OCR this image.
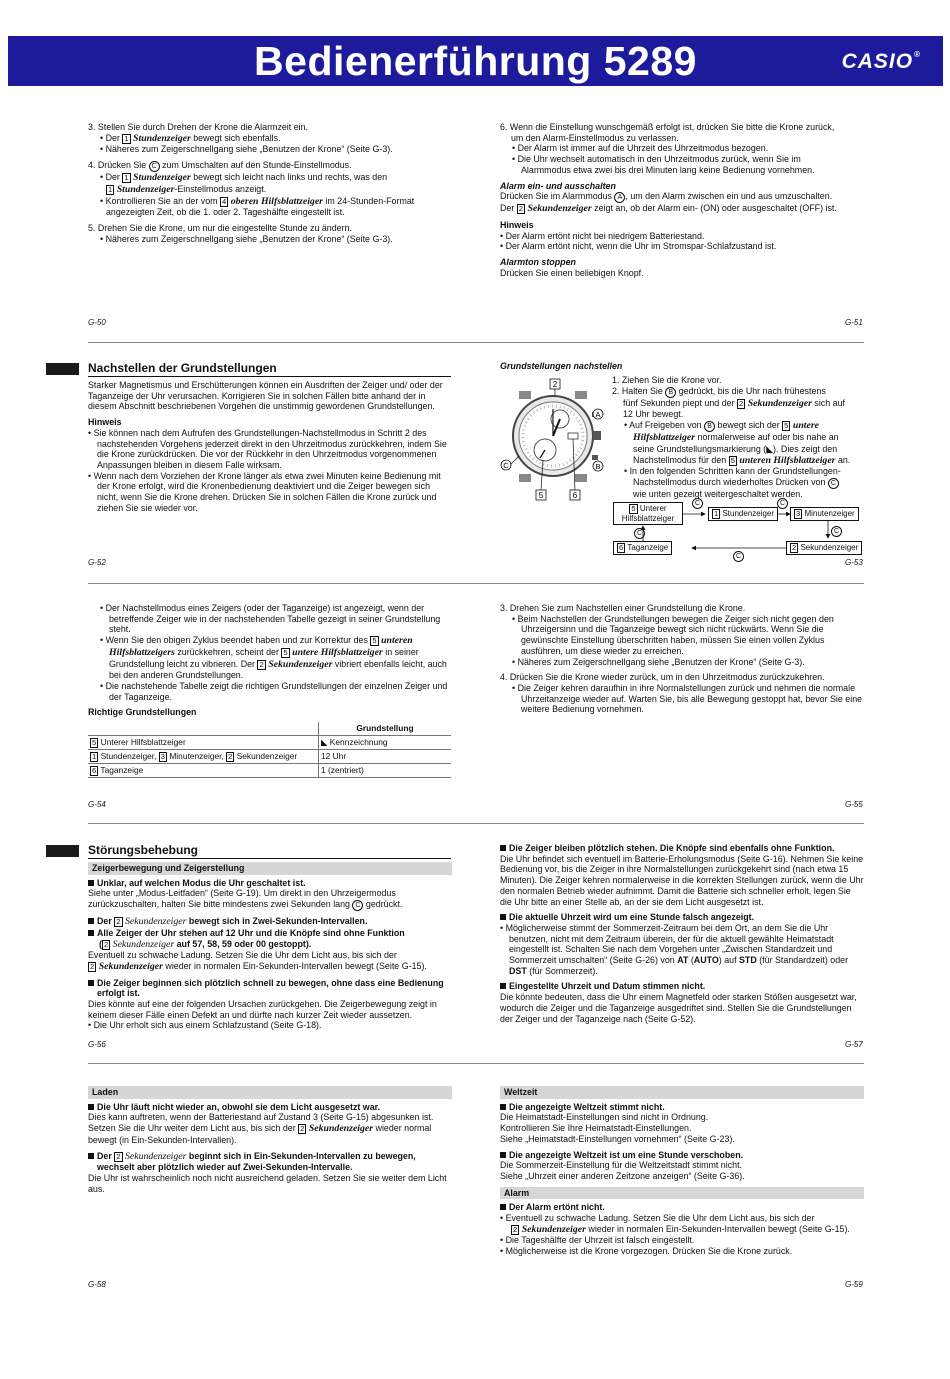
Bedienerführung 5289	CASIO®

3. Stellen Sie durch Drehen der Krone die Alarmzeit ein.

• Der 1 Stundenzeiger bewegt sich ebenfalls.

• Näheres zum Zeigerschnellgang siehe „Benutzen der Krone“ (Seite G-3).

4. Drücken Sie C zum Umschalten auf den Stunde-Einstellmodus.

• Der 1 Stundenzeiger bewegt sich leicht nach links und rechts, was den

1 Stundenzeiger-Einstellmodus anzeigt.

• Kontrollieren Sie an der vom 4 oberen Hilfsblattzeiger im 24-Stunden-Format

angezeigten Zeit, ob die 1. oder 2. Tageshälfte eingestellt ist.

5. Drehen Sie die Krone, um nur die eingestellte Stunde zu ändern.

• Näheres zum Zeigerschnellgang siehe „Benutzen der Krone“ (Seite G-3).

G-50

6. Wenn die Einstellung wunschgemäß erfolgt ist, drücken Sie bitte die Krone zurück,

um den Alarm-Einstellmodus zu verlassen.

• Der Alarm ist immer auf die Uhrzeit des Uhrzeitmodus bezogen.

• Die Uhr wechselt automatisch in den Uhrzeitmodus zurück, wenn Sie im

Alarmmodus etwa zwei bis drei Minuten lang keine Bedienung vornehmen.

Alarm ein- und ausschalten

Drücken Sie im Alarmmodus A , um den Alarm zwischen ein und aus umzuschalten.

Der 2 Sekundenzeiger zeigt an, ob der Alarm ein- (ON) oder ausgeschaltet (OFF) ist.

Hinweis

• Der Alarm ertönt nicht bei niedrigem Batteriestand.

• Der Alarm ertönt nicht, wenn die Uhr im Stromspar-Schlafzustand ist.

Alarmton stoppen

Drücken Sie einen beliebigen Knopf.

G-51
Nachstellen der Grundstellungen

Starker Magnetismus und Erschütterungen können ein Ausdriften der Zeiger und/ oder der Taganzeige der Uhr verursachen. Korrigieren Sie in solchen Fällen bitte anhand der in diesem Abschnitt beschriebenen Vorgehen die unstimmig gewordenen Grundstellungen.

Hinweis

• Sie können nach dem Aufrufen des Grundstellungen-Nachstellmodus in Schritt 2 des nachstehenden Vorgehens jederzeit direkt in den Uhrzeitmodus zurückkehren, indem Sie die Krone zurückdrücken. Die vor der Rückkehr in den Uhrzeitmodus vorgenommenen Anpassungen bleiben in diesem Falle wirksam.

• Wenn nach dem Vorziehen der Krone länger als etwa zwei Minuten keine Bedienung mit der Krone erfolgt, wird die Kronenbedienung deaktiviert und die Zeiger bewegen sich nicht, wenn Sie die Krone drehen. Drücken Sie in solchen Fällen die Krone zurück und ziehen Sie sie wieder vor.

G-52

Grundstellungen nachstellen

2
A
B
C
5	6

1. Ziehen Sie die Krone vor.

2. Halten Sie B gedrückt, bis die Uhr nach frühestens

fünf Sekunden piept und der 2 Sekundenzeiger sich auf

12 Uhr bewegt.

• Auf Freigeben von B bewegt sich der 5 untere

Hilfsblattzeiger normalerweise auf oder bis nahe an

seine Grundstellungsmarkierung (◣). Dies zeigt den

Nachstellmodus für den 5 unteren Hilfsblattzeiger an.

• In den folgenden Schritten kann der Grundstellungen-

Nachstellmodus durch wiederholtes Drücken von C

wie unten gezeigt weitergeschaltet werden.

5 Unterer
Hilfsblattzeiger
1 Stundenzeiger	3 Minutenzeiger
6 Taganzeige	2 Sekundenzeiger
C	C
C
C
C
G-53

• Der Nachstellmodus eines Zeigers (oder der Taganzeige) ist angezeigt, wenn der betreffende Zeiger wie in der nachstehenden Tabelle gezeigt in seiner Grundstellung steht.

• Wenn Sie den obigen Zyklus beendet haben und zur Korrektur des 5 unteren Hilfsblattzeigers zurückkehren, scheint der 5 untere Hilfsblattzeiger in seiner Grundstellung leicht zu vibrieren. Der 2 Sekundenzeiger vibriert ebenfalls leicht, auch bei den anderen Grundstellungen.

• Die nachstehende Tabelle zeigt die richtigen Grundstellungen der einzelnen Zeiger und der Taganzeige.

Richtige Grundstellungen

	Grundstellung
5 Unterer Hilfsblattzeiger	◣ Kennzeichnung
1 Stundenzeiger, 3 Minutenzeiger, 2 Sekundenzeiger	12 Uhr
6 Taganzeige	1 (zentriert)
G-54

3. Drehen Sie zum Nachstellen einer Grundstellung die Krone.

• Beim Nachstellen der Grundstellungen bewegen die Zeiger sich nicht gegen den Uhrzeigersinn und die Taganzeige bewegt sich nicht rückwärts. Wenn Sie die gewünschte Einstellung überschritten haben, müssen Sie einen vollen Zyklus ausführen, um diese wieder zu erreichen.

• Näheres zum Zeigerschnellgang siehe „Benutzen der Krone“ (Seite G-3).

4. Drücken Sie die Krone wieder zurück, um in den Uhrzeitmodus zurückzukehren.

• Die Zeiger kehren daraufhin in ihre Normalstellungen zurück und nehmen die normale Uhrzeitanzeige wieder auf. Warten Sie, bis alle Bewegung gestoppt hat, bevor Sie eine weitere Bedienung vornehmen.

G-55
Störungsbehebung
Zeigerbewegung und Zeigerstellung

Unklar, auf welchen Modus die Uhr geschaltet ist.

Siehe unter „Modus-Leitfaden“ (Seite G-19). Um direkt in den Uhrzeigermodus zurückzuschalten, halten Sie bitte mindestens zwei Sekunden lang C gedrückt.

Der 2 Sekundenzeiger bewegt sich in Zwei-Sekunden-Intervallen.

Alle Zeiger der Uhr stehen auf 12 Uhr und die Knöpfe sind ohne Funktion

( 2 Sekundenzeiger auf 57, 58, 59 oder 00 gestoppt).

Eventuell zu schwache Ladung. Setzen Sie die Uhr dem Licht aus, bis sich der

2 Sekundenzeiger wieder in normalen Ein-Sekunden-Intervallen bewegt (Seite G-15).

Die Zeiger beginnen sich plötzlich schnell zu bewegen, ohne dass eine Bedienung erfolgt ist.

Dies könnte auf eine der folgenden Ursachen zurückgehen. Die Zeigerbewegung zeigt in keinem dieser Fälle einen Defekt an und dürfte nach kurzer Zeit wieder aussetzen.

• Die Uhr erholt sich aus einem Schlafzustand (Seite G-18).

G-56

Die Zeiger bleiben plötzlich stehen. Die Knöpfe sind ebenfalls ohne Funktion.

Die Uhr befindet sich eventuell im Batterie-Erholungsmodus (Seite G-16). Nehmen Sie keine Bedienung vor, bis die Zeiger in ihre Normalstellungen zurückgekehrt sind (nach etwa 15 Minuten). Die Zeiger kehren normalerweise in die korrekten Stellungen zurück, wenn die Uhr den normalen Betrieb wieder aufnimmt. Damit die Batterie sich schneller erholt, legen Sie die Uhr bitte an einer Stelle ab, an der sie dem Licht ausgesetzt ist.

Die aktuelle Uhrzeit wird um eine Stunde falsch angezeigt.

• Möglicherweise stimmt der Sommerzeit-Zeitraum bei dem Ort, an dem Sie die Uhr benutzen, nicht mit dem Zeitraum überein, der für die aktuell gewählte Heimatstadt eingestellt ist. Schalten Sie nach dem Vorgehen unter „Zwischen Standardzeit und Sommerzeit umschalten“ (Seite G-26) von AT (AUTO) auf STD (für Standardzeit) oder DST (für Sommerzeit).

Eingestellte Uhrzeit und Datum stimmen nicht.

Die könnte bedeuten, dass die Uhr einem Magnetfeld oder starken Stößen ausgesetzt war, wodurch die Zeiger und die Taganzeige ausgedriftet sind. Stellen Sie die Grundstellungen der Zeiger und der Taganzeige nach (Seite G-52).

G-57
Laden

Die Uhr läuft nicht wieder an, obwohl sie dem Licht ausgesetzt war.

Dies kann auftreten, wenn der Batteriestand auf Zustand 3 (Seite G-15) abgesunken ist. Setzen Sie die Uhr weiter dem Licht aus, bis sich der 2 Sekundenzeiger wieder normal bewegt (in Ein-Sekunden-Intervallen).

Der 2 Sekundenzeiger beginnt sich in Ein-Sekunden-Intervallen zu bewegen, wechselt aber plötzlich wieder auf Zwei-Sekunden-Intervalle.

Die Uhr ist wahrscheinlich noch nicht ausreichend geladen. Setzen Sie sie weiter dem Licht aus.

G-58
Weltzeit

Die angezeigte Weltzeit stimmt nicht.

Die Heimatstadt-Einstellungen sind nicht in Ordnung.

Kontrollieren Sie Ihre Heimatstadt-Einstellungen.

Siehe „Heimatstadt-Einstellungen vornehmen“ (Seite G-23).

Die angezeigte Weltzeit ist um eine Stunde verschoben.

Die Sommerzeit-Einstellung für die Weltzeitstadt stimmt nicht.

Siehe „Uhrzeit einer anderen Zeitzone anzeigen“ (Seite G-36).

Alarm

Der Alarm ertönt nicht.

• Eventuell zu schwache Ladung. Setzen Sie die Uhr dem Licht aus, bis sich der

2 Sekundenzeiger wieder in normalen Ein-Sekunden-Intervallen bewegt (Seite G-15).

• Die Tageshälfte der Uhrzeit ist falsch eingestellt.

• Möglicherweise ist die Krone vorgezogen. Drücken Sie die Krone zurück.

G-59
